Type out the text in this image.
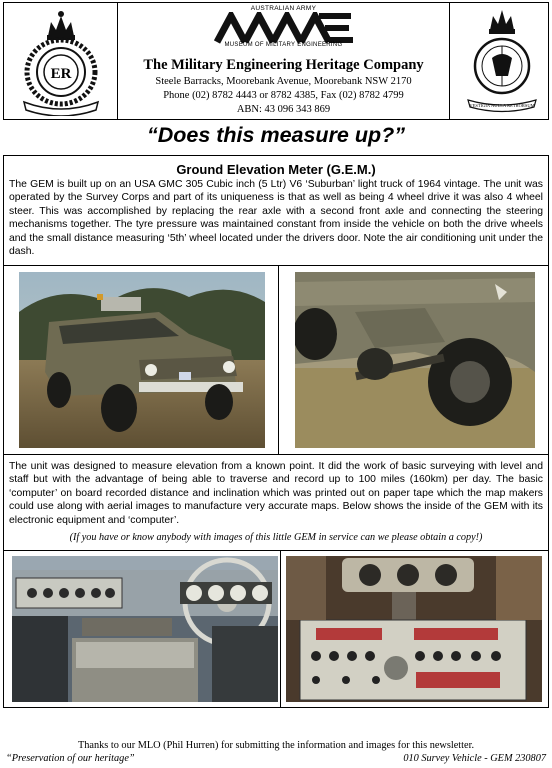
ER
AUSTRALIAN ARMY
MUSEUM OF MILITARY ENGINEERING
The Military Engineering Heritage Company
Steele Barracks, Moorebank Avenue, Moorebank NSW 2170
Phone (02) 8782 4443 or 8782 4385, Fax (02) 8782 4799
ABN: 43 096 343 869	VESTIGIA NULLA RETRORSUM
“Does this measure up?”
Ground Elevation Meter (G.E.M.)
The GEM is built up on an USA GMC 305 Cubic inch (5 Ltr) V6 ‘Suburban’ light truck of 1964 vintage. The unit was operated by the Survey Corps and part of its uniqueness is that as well as being 4 wheel drive it was also 4 wheel steer. This was accomplished by replacing the rear axle with a second front axle and connecting the steering mechanisms together. The tyre pressure was maintained constant from inside the vehicle on both the drive wheels and the small distance measuring ‘5th’ wheel located under the drivers door. Note the air conditioning unit under the dash.
The unit was designed to measure elevation from a known point. It did the work of basic surveying with level and staff but with the advantage of being able to traverse and record up to 100 miles (160km) per day. The basic ‘computer’ on board recorded distance and inclination which was printed out on paper tape which the map makers could use along with aerial images to manufacture very accurate maps. Below shows the inside of the GEM with its electronic equipment and ‘computer’.
(If you have or know anybody with images of this little GEM in service can we please obtain a copy!)
Thanks to our MLO (Phil Hurren) for submitting the information and images for this newsletter.
“Preservation of our heritage”	010 Survey Vehicle - GEM 230807
